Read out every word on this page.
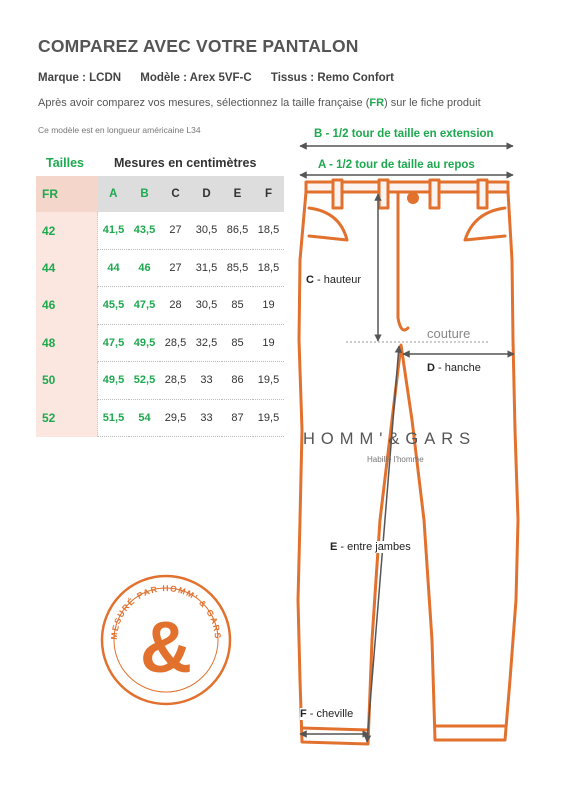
COMPAREZ AVEC VOTRE PANTALON
Marque : LCDN Modèle : Arex 5VF-C Tissus : Remo Confort
Après avoir comparez vos mesures, sélectionnez la taille française (FR) sur le fiche produit
Ce modèle est en longueur américaine L34
Tailles Mesures en centimètres
FR		A	B	C	D	E	F
42		41,5	43,5	27	30,5	86,5	18,5
44		44	46	27	31,5	85,5	18,5
46		45,5	47,5	28	30,5	85	19
48		47,5	49,5	28,5	32,5	85	19
50		49,5	52,5	28,5	33	86	19,5
52		51,5	54	29,5	33	87	19,5
MESURÉ PAR HOMM' & GARS
&
B - 1/2 tour de taille en extension
A - 1/2 tour de taille au repos
C - hauteur
couture
D - hanche
HOMM'&GARS
Habille l'homme
E - entre jambes
F - cheville
